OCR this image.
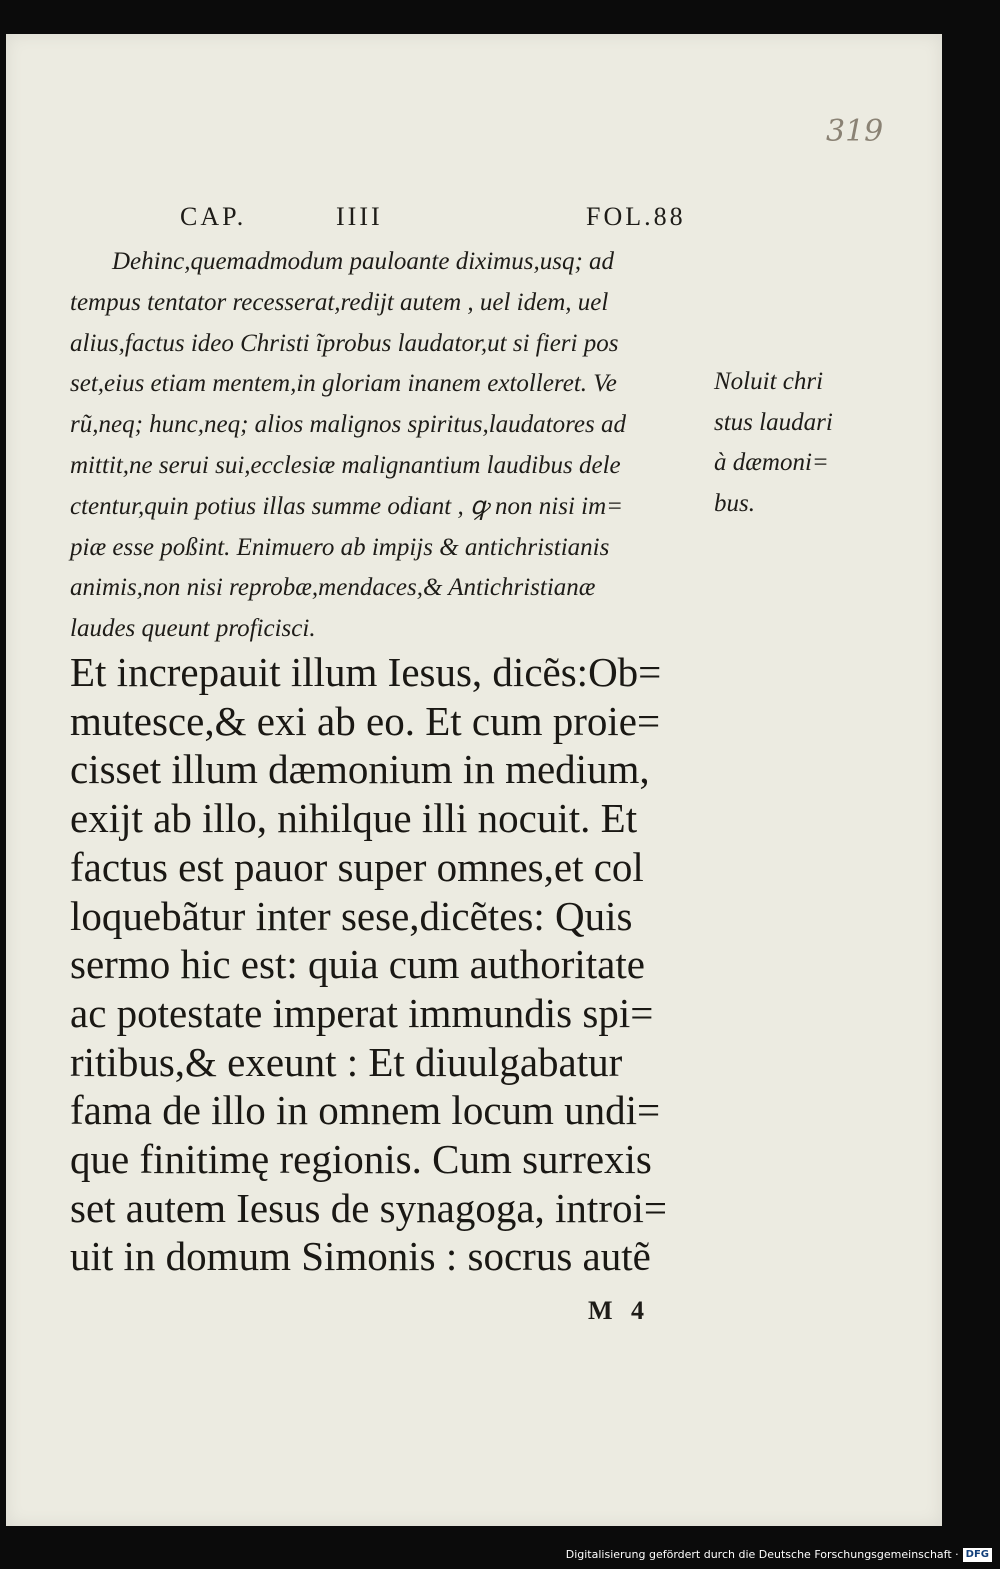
319
CAP.	IIII	FOL.88
Dehinc,quemadmodum pauloante diximus,usq; ad
tempus tentator recesserat,redijt autem , uel idem, uel
alius,factus ideo Christi ĩprobus laudator,ut si fieri pos
set,eius etiam mentem,in gloriam inanem extolleret. Ve
rũ,neq; hunc,neq; alios malignos spiritus,laudatores ad
mittit,ne serui sui,ecclesiæ malignantium laudibus dele
ctentur,quin potius illas summe odiant , ꝙ non nisi im=
piæ esse poßint. Enimuero ab impijs & antichristianis
animis,non nisi reprobæ,mendaces,& Antichristianæ
laudes queunt proficisci.
Noluit chri
stus laudari
à dæmoni=
bus.
Et increpauit illum Iesus, dicẽs:Ob=
mutesce,& exi ab eo. Et cum proie=
cisset illum dæmonium in medium,
exijt ab illo, nihilque illi nocuit. Et
factus est pauor super omnes,et col
loquebãtur inter sese,dicẽtes: Quis
sermo hic est: quia cum authoritate
ac potestate imperat immundis spi=
ritibus,& exeunt : Et diuulgabatur
fama de illo in omnem locum undi=
que finitimę regionis. Cum surrexis
set autem Iesus de synagoga, introi=
uit in domum Simonis : socrus autẽ
M 4
Digitalisierung gefördert durch die Deutsche Forschungsgemeinschaft · DFG
